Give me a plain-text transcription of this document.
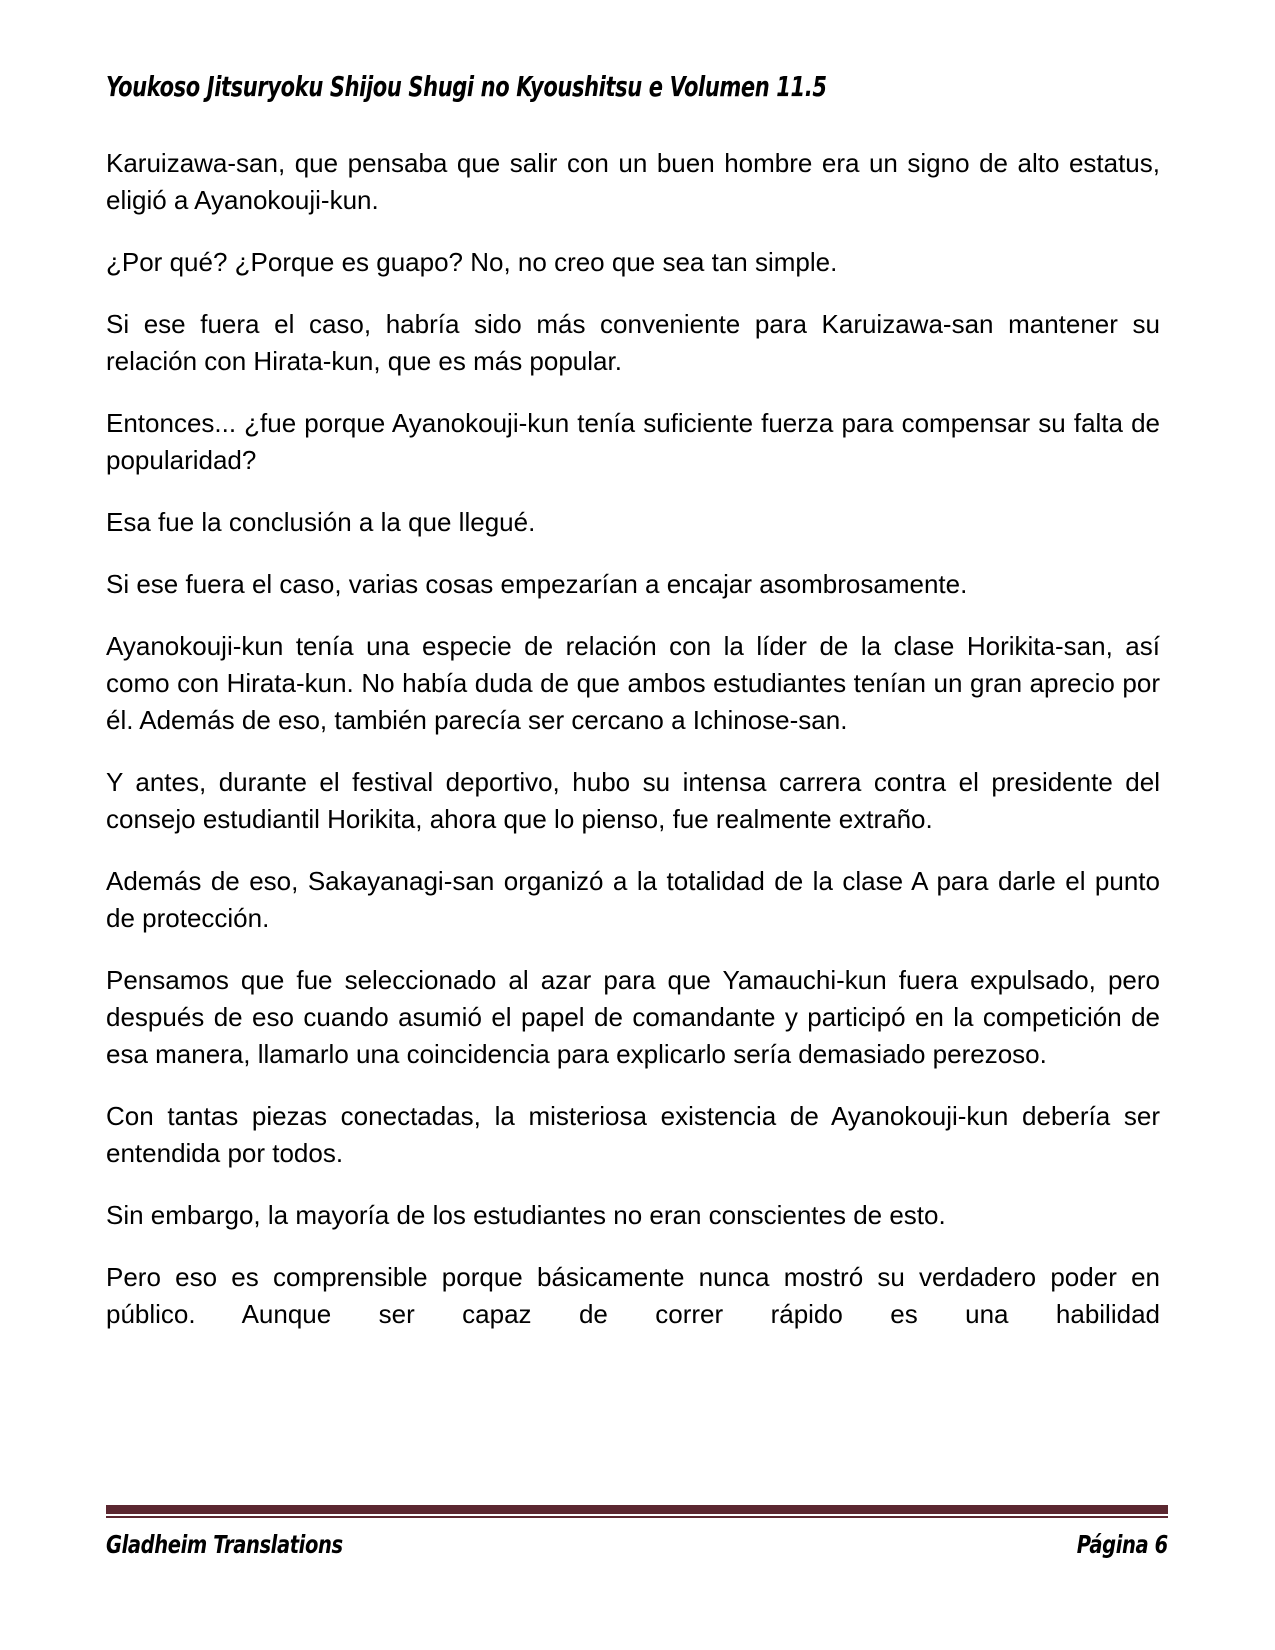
Youkoso Jitsuryoku Shijou Shugi no Kyoushitsu e Volumen 11.5

Karuizawa-san, que pensaba que salir con un buen hombre era un signo de alto estatus, eligió a Ayanokouji-kun.

¿Por qué? ¿Porque es guapo? No, no creo que sea tan simple.

Si ese fuera el caso, habría sido más conveniente para Karuizawa-san mantener su relación con Hirata-kun, que es más popular.

Entonces... ¿fue porque Ayanokouji-kun tenía suficiente fuerza para compensar su falta de popularidad?

Esa fue la conclusión a la que llegué.

Si ese fuera el caso, varias cosas empezarían a encajar asombrosamente.

Ayanokouji-kun tenía una especie de relación con la líder de la clase Horikita-san, así como con Hirata-kun. No había duda de que ambos estudiantes tenían un gran aprecio por él. Además de eso, también parecía ser cercano a Ichinose-san.

Y antes, durante el festival deportivo, hubo su intensa carrera contra el presidente del consejo estudiantil Horikita, ahora que lo pienso, fue realmente extraño.

Además de eso, Sakayanagi-san organizó a la totalidad de la clase A para darle el punto de protección.

Pensamos que fue seleccionado al azar para que Yamauchi-kun fuera expulsado, pero después de eso cuando asumió el papel de comandante y participó en la competición de esa manera, llamarlo una coincidencia para explicarlo sería demasiado perezoso.

Con tantas piezas conectadas, la misteriosa existencia de Ayanokouji-kun debería ser entendida por todos.

Sin embargo, la mayoría de los estudiantes no eran conscientes de esto.

Pero eso es comprensible porque básicamente nunca mostró su verdadero poder en público. Aunque ser capaz de correr rápido es una habilidad

Gladheim Translations	Página 6
